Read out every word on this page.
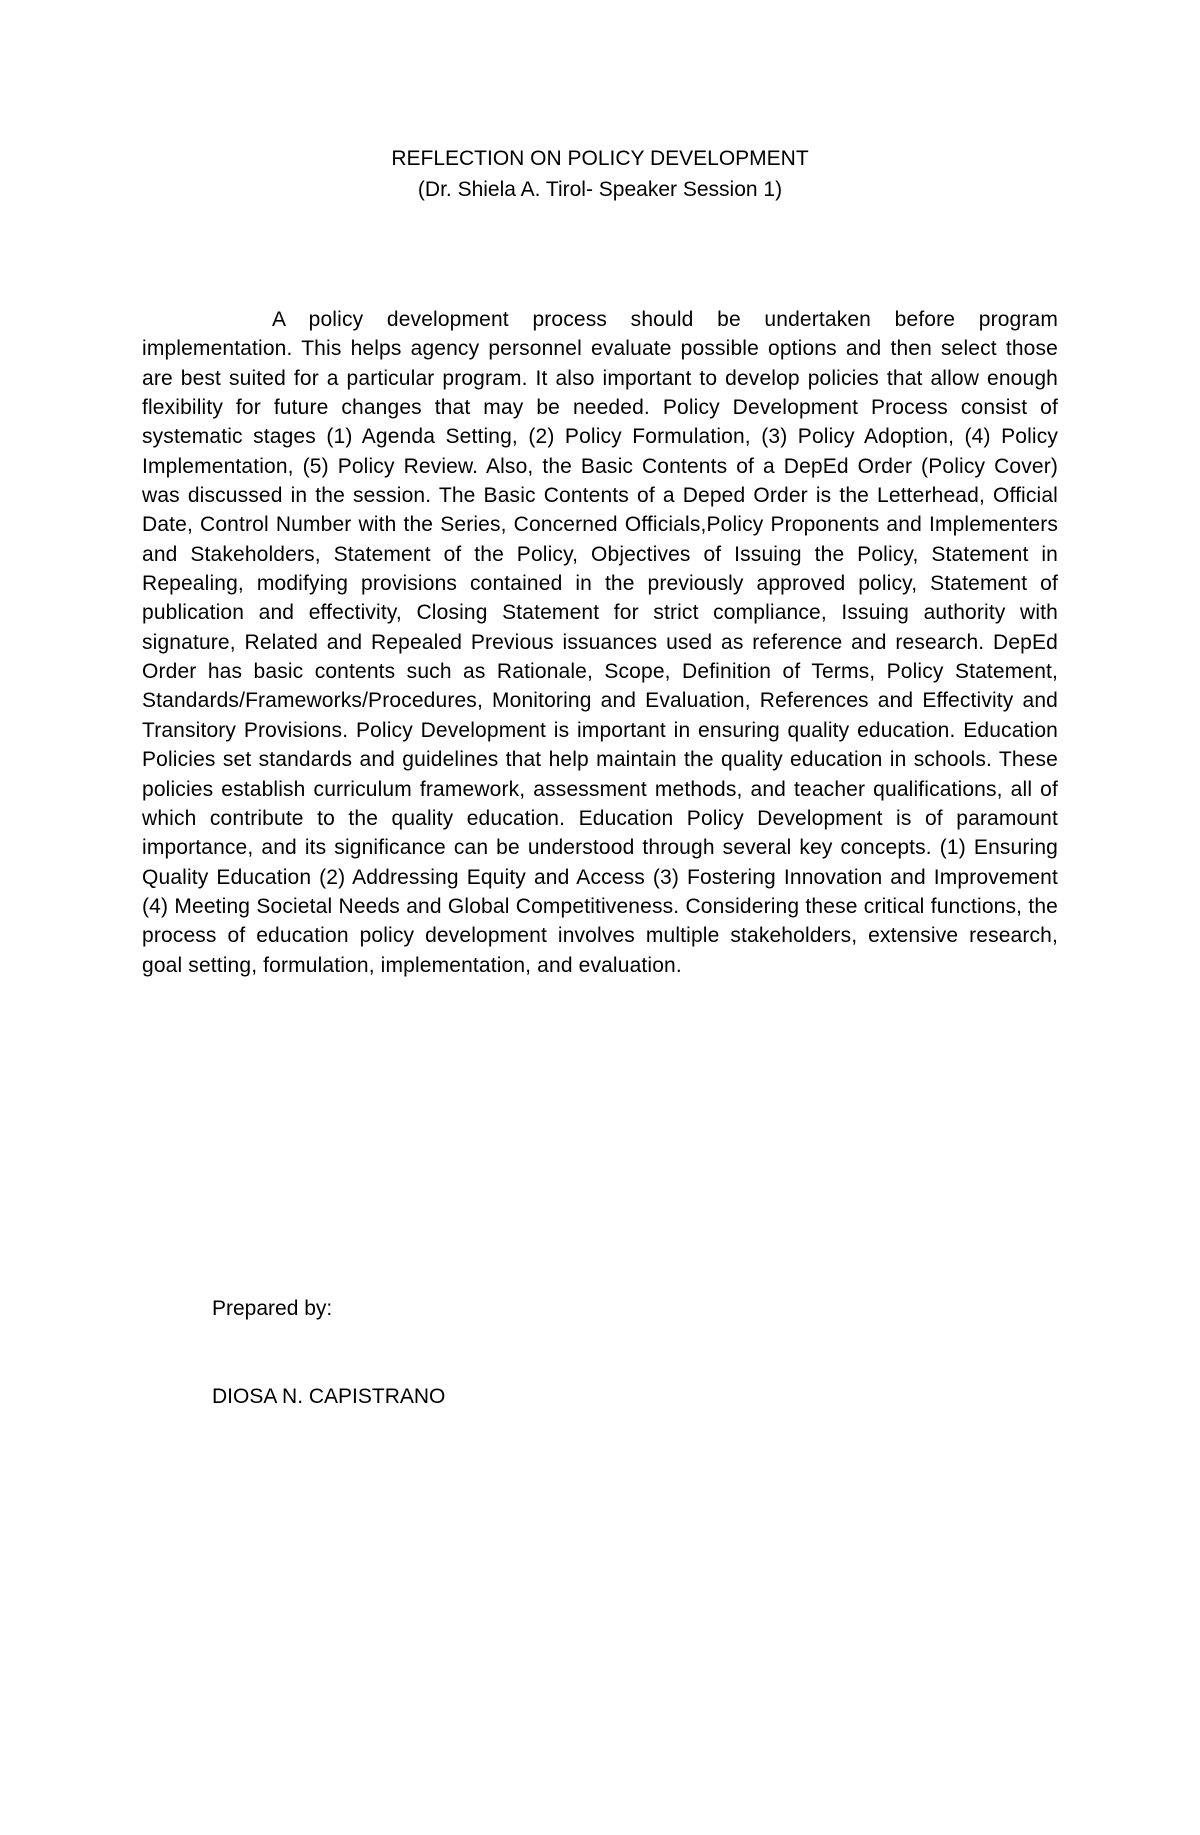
REFLECTION ON POLICY DEVELOPMENT
(Dr. Shiela A. Tirol- Speaker Session 1)

A policy development process should be undertaken before program implementation. This helps agency personnel evaluate possible options and then select those are best suited for a particular program. It also important to develop policies that allow enough flexibility for future changes that may be needed. Policy Development Process consist of systematic stages (1) Agenda Setting, (2) Policy Formulation, (3) Policy Adoption, (4) Policy Implementation, (5) Policy Review. Also, the Basic Contents of a DepEd Order (Policy Cover) was discussed in the session. The Basic Contents of a Deped Order is the Letterhead, Official Date, Control Number with the Series, Concerned Officials,Policy Proponents and Implementers and Stakeholders, Statement of the Policy, Objectives of Issuing the Policy, Statement in Repealing, modifying provisions contained in the previously approved policy, Statement of publication and effectivity, Closing Statement for strict compliance, Issuing authority with signature, Related and Repealed Previous issuances used as reference and research. DepEd Order has basic contents such as Rationale, Scope, Definition of Terms, Policy Statement, Standards/Frameworks/Procedures, Monitoring and Evaluation, References and Effectivity and Transitory Provisions. Policy Development is important in ensuring quality education. Education Policies set standards and guidelines that help maintain the quality education in schools. These policies establish curriculum framework, assessment methods, and teacher qualifications, all of which contribute to the quality education. Education Policy Development is of paramount importance, and its significance can be understood through several key concepts. (1) Ensuring Quality Education (2) Addressing Equity and Access (3) Fostering Innovation and Improvement (4) Meeting Societal Needs and Global Competitiveness. Considering these critical functions, the process of education policy development involves multiple stakeholders, extensive research, goal setting, formulation, implementation, and evaluation.

Prepared by:

DIOSA N. CAPISTRANO
